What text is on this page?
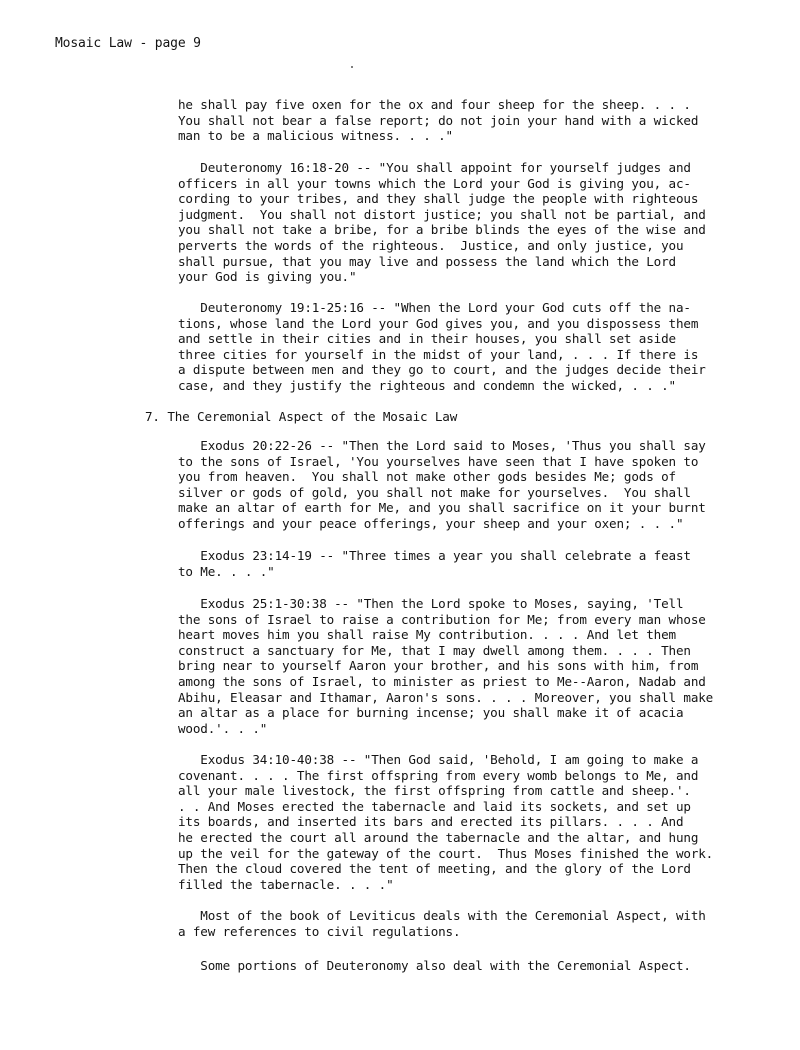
Mosaic Law - page 9
he shall pay five oxen for the ox and four sheep for the sheep. . . .
You shall not bear a false report; do not join your hand with a wicked
man to be a malicious witness. . . ."
Deuteronomy 16:18-20 -- "You shall appoint for yourself judges and
officers in all your towns which the Lord your God is giving you, ac-
cording to your tribes, and they shall judge the people with righteous
judgment.  You shall not distort justice; you shall not be partial, and
you shall not take a bribe, for a bribe blinds the eyes of the wise and
perverts the words of the righteous.  Justice, and only justice, you
shall pursue, that you may live and possess the land which the Lord
your God is giving you."
Deuteronomy 19:1-25:16 -- "When the Lord your God cuts off the na-
tions, whose land the Lord your God gives you, and you dispossess them
and settle in their cities and in their houses, you shall set aside
three cities for yourself in the midst of your land, . . . If there is
a dispute between men and they go to court, and the judges decide their
case, and they justify the righteous and condemn the wicked, . . ."
7. The Ceremonial Aspect of the Mosaic Law
Exodus 20:22-26 -- "Then the Lord said to Moses, 'Thus you shall say
to the sons of Israel, 'You yourselves have seen that I have spoken to
you from heaven.  You shall not make other gods besides Me; gods of
silver or gods of gold, you shall not make for yourselves.  You shall
make an altar of earth for Me, and you shall sacrifice on it your burnt
offerings and your peace offerings, your sheep and your oxen; . . ."
Exodus 23:14-19 -- "Three times a year you shall celebrate a feast
to Me. . . ."
Exodus 25:1-30:38 -- "Then the Lord spoke to Moses, saying, 'Tell
the sons of Israel to raise a contribution for Me; from every man whose
heart moves him you shall raise My contribution. . . . And let them
construct a sanctuary for Me, that I may dwell among them. . . . Then
bring near to yourself Aaron your brother, and his sons with him, from
among the sons of Israel, to minister as priest to Me--Aaron, Nadab and
Abihu, Eleasar and Ithamar, Aaron's sons. . . . Moreover, you shall make
an altar as a place for burning incense; you shall make it of acacia
wood.'. . ."
Exodus 34:10-40:38 -- "Then God said, 'Behold, I am going to make a
covenant. . . . The first offspring from every womb belongs to Me, and
all your male livestock, the first offspring from cattle and sheep.'.
. . And Moses erected the tabernacle and laid its sockets, and set up
its boards, and inserted its bars and erected its pillars. . . . And
he erected the court all around the tabernacle and the altar, and hung
up the veil for the gateway of the court.  Thus Moses finished the work.
Then the cloud covered the tent of meeting, and the glory of the Lord
filled the tabernacle. . . ."
Most of the book of Leviticus deals with the Ceremonial Aspect, with
a few references to civil regulations.
Some portions of Deuteronomy also deal with the Ceremonial Aspect.
